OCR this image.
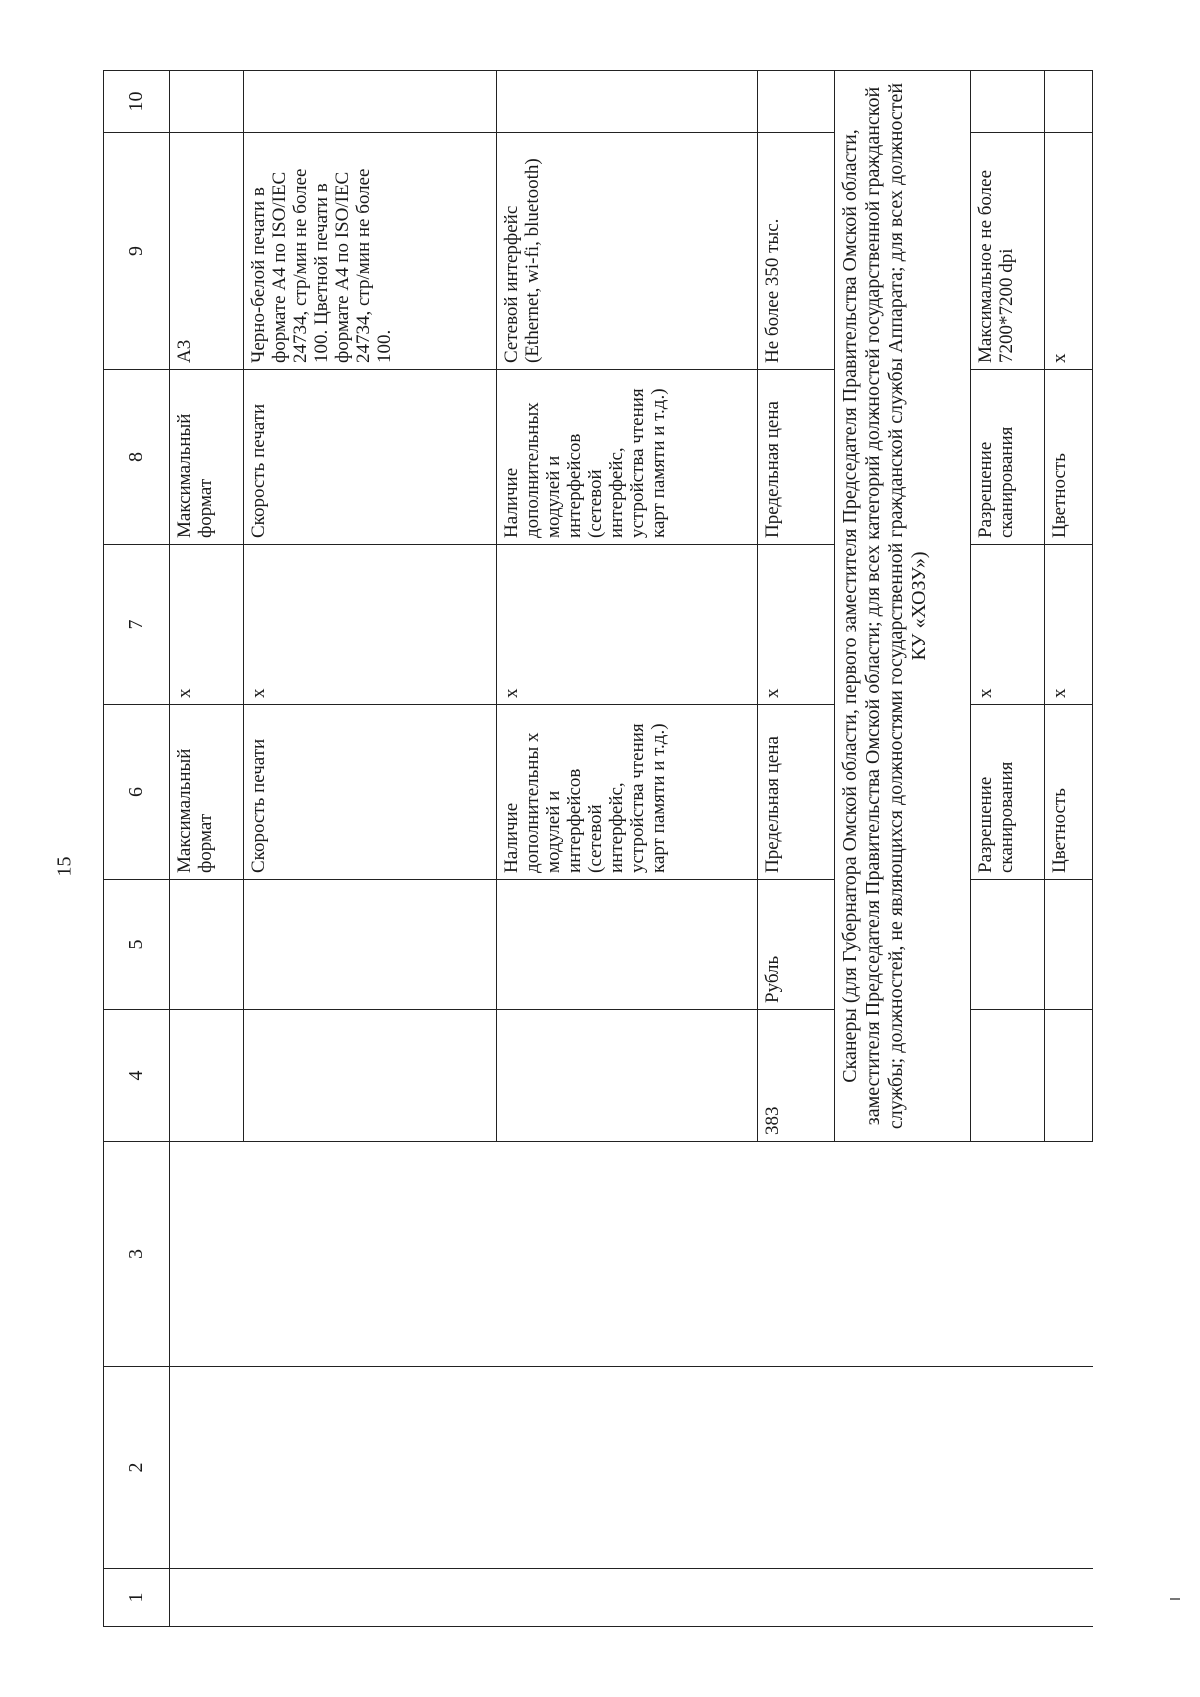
15
1	2	3	4	5	6	7	8	9	10
					Максимальный формат	x	Максимальный формат	А3	
					Скорость печати	x	Скорость печати	Черно-белой печати в формате А4 по ISO/IEC 24734, стр/мин не более 100. Цветной печати в формате А4 по ISO/IEC 24734, стр/мин не более 100.	
					Наличие дополнительны х модулей и интерфейсов (сетевой интерфейс, устройства чтения карт памяти и т.д.)	x	Наличие дополнительных модулей и интерфейсов (сетевой интерфейс, устройства чтения карт памяти и т.д.)	Сетевой интерфейс (Ethernet, wi-fi, bluetooth)	
			383	Рубль	Предельная цена	x	Предельная цена	Не более 350 тыс.	
			Сканеры (для Губернатора Омской области, первого заместителя Председателя Правительства Омской области, заместителя Председателя Правительства Омской области; для всех категорий должностей государственной гражданской службы; должностей, не являющихся должностями государственной гражданской службы Аппарата; для всех должностей КУ «ХОЗУ»)						
					Разрешение сканирования	x	Разрешение сканирования	Максимальное не более 7200*7200 dpi	
					Цветность	x	Цветность	x	
